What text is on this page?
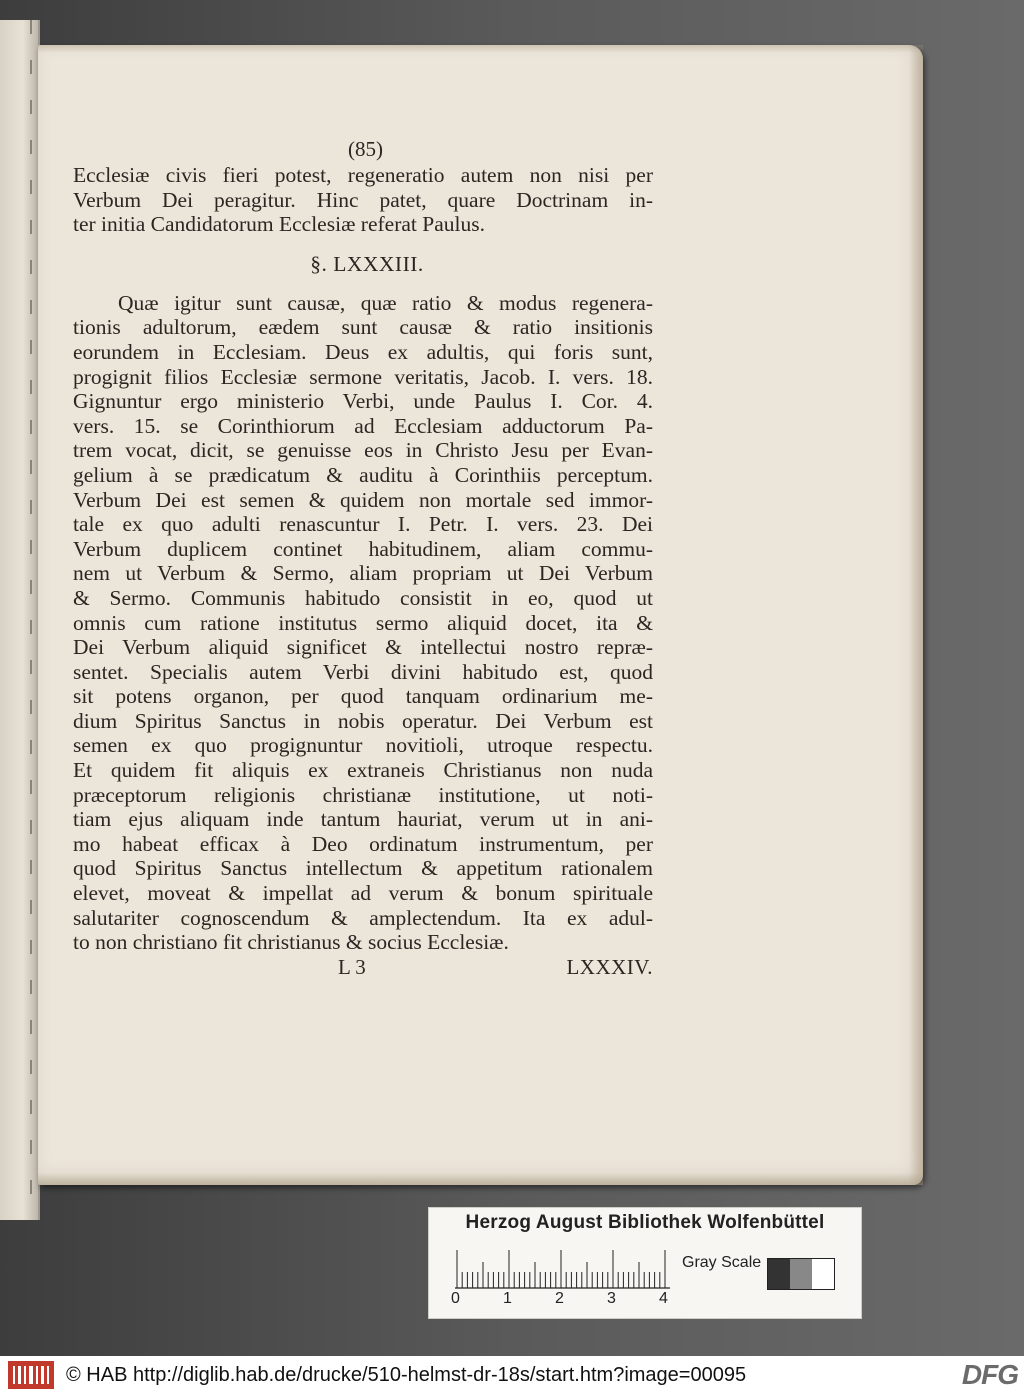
(85)
Ecclesiæ civis fieri potest, regeneratio autem non nisi per
Verbum Dei peragitur. Hinc patet, quare Doctrinam in-
ter initia Candidatorum Ecclesiæ referat Paulus.
§. LXXXIII.
Quæ igitur sunt causæ, quæ ratio & modus regenera-
tionis adultorum, eædem sunt causæ & ratio insitionis
eorundem in Ecclesiam. Deus ex adultis, qui foris sunt,
progignit filios Ecclesiæ sermone veritatis, Jacob. I. vers. 18.
Gignuntur ergo ministerio Verbi, unde Paulus I. Cor. 4.
vers. 15. se Corinthiorum ad Ecclesiam adductorum Pa-
trem vocat, dicit, se genuisse eos in Christo Jesu per Evan-
gelium à se prædicatum & auditu à Corinthiis perceptum.
Verbum Dei est semen & quidem non mortale sed immor-
tale ex quo adulti renascuntur I. Petr. I. vers. 23. Dei
Verbum duplicem continet habitudinem, aliam commu-
nem ut Verbum & Sermo, aliam propriam ut Dei Verbum
& Sermo. Communis habitudo consistit in eo, quod ut
omnis cum ratione institutus sermo aliquid docet, ita &
Dei Verbum aliquid significet & intellectui nostro repræ-
sentet. Specialis autem Verbi divini habitudo est, quod
sit potens organon, per quod tanquam ordinarium me-
dium Spiritus Sanctus in nobis operatur. Dei Verbum est
semen ex quo progignuntur novitioli, utroque respectu.
Et quidem fit aliquis ex extraneis Christianus non nuda
præceptorum religionis christianæ institutione, ut noti-
tiam ejus aliquam inde tantum hauriat, verum ut in ani-
mo habeat efficax à Deo ordinatum instrumentum, per
quod Spiritus Sanctus intellectum & appetitum rationalem
elevet, moveat & impellat ad verum & bonum spirituale
salutariter cognoscendum & amplectendum. Ita ex adul-
to non christiano fit christianus & socius Ecclesiæ.
L 3	LXXXIV.
Herzog August Bibliothek Wolfenbüttel
0	1	2	3	4
Gray Scale
© HAB http://diglib.hab.de/drucke/510-helmst-dr-18s/start.htm?image=00095	DFG
